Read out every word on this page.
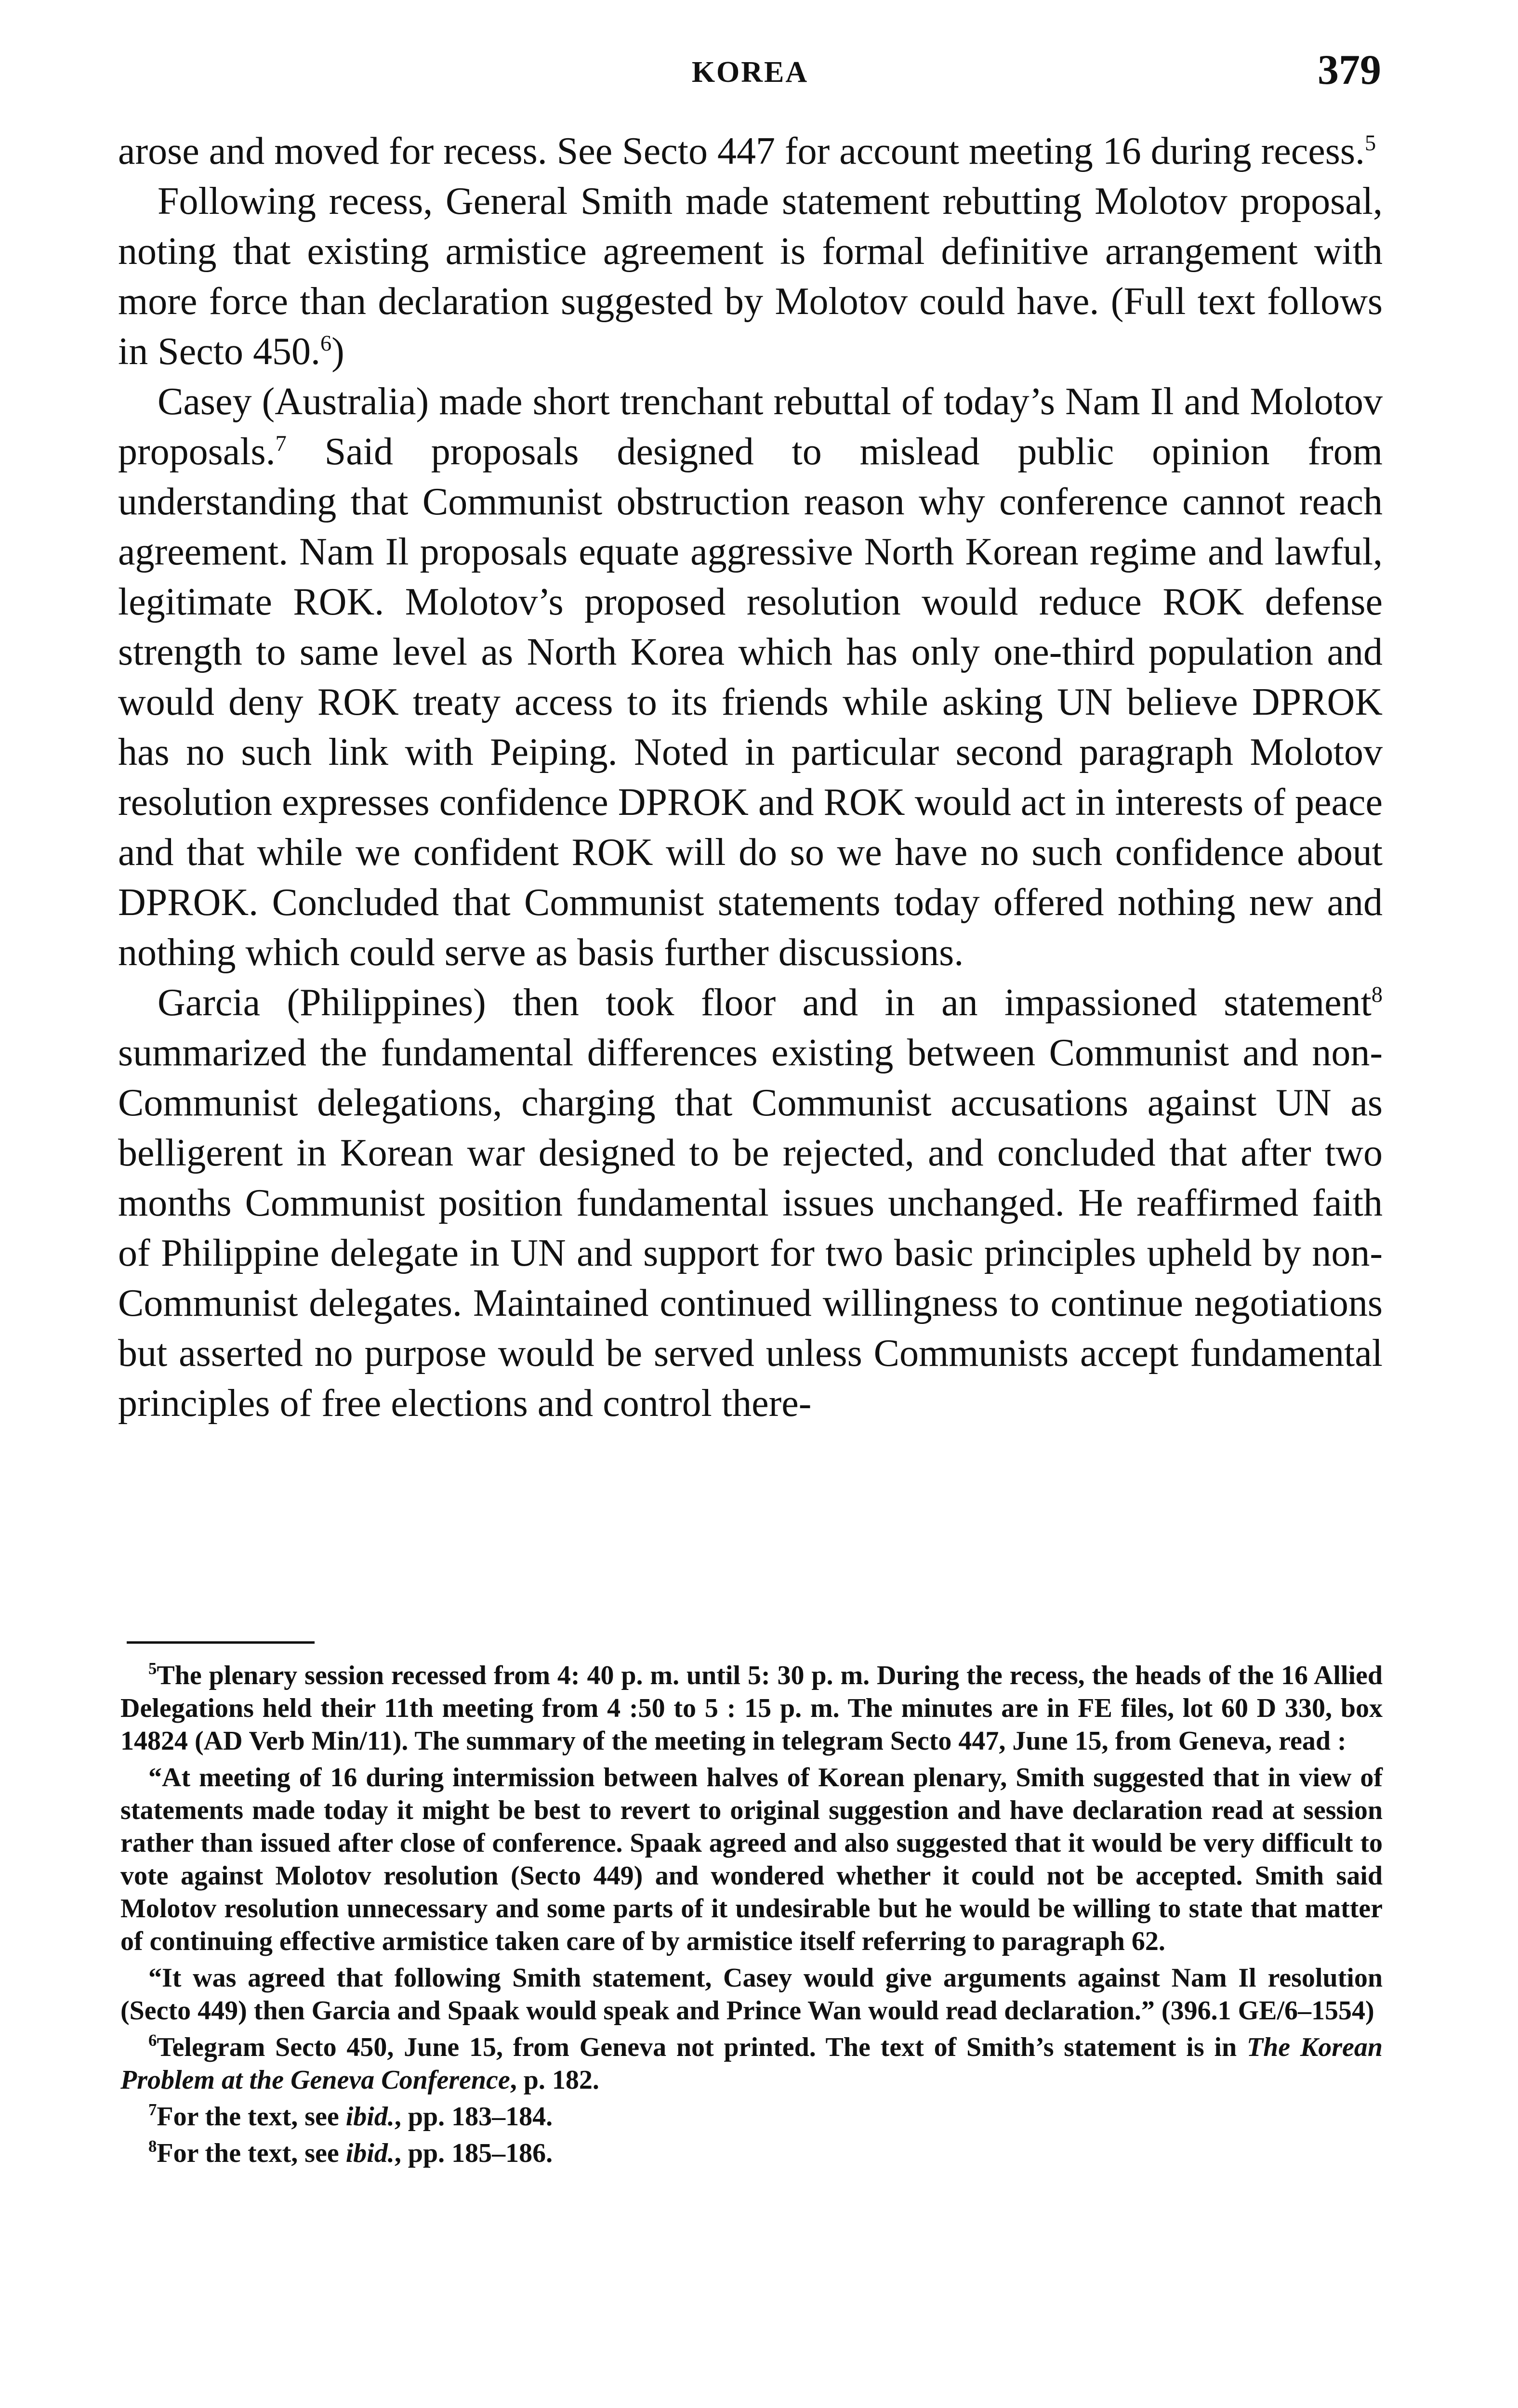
KOREA	379

arose and moved for recess. See Secto 447 for account meeting 16 during recess.$^5$

Following recess, General Smith made statement rebutting Molotov proposal, noting that existing armistice agreement is formal definitive arrangement with more force than declaration suggested by Molotov could have. (Full text follows in Secto 450.$^6$)

Casey (Australia) made short trenchant rebuttal of today’s Nam Il and Molotov proposals.$^7$ Said proposals designed to mislead public opinion from understanding that Communist obstruction reason why conference cannot reach agreement. Nam Il proposals equate aggressive North Korean regime and lawful, legitimate ROK. Molotov’s proposed resolution would reduce ROK defense strength to same level as North Korea which has only one-third population and would deny ROK treaty access to its friends while asking UN believe DPROK has no such link with Peiping. Noted in particular second paragraph Molotov resolution expresses confidence DPROK and ROK would act in interests of peace and that while we confident ROK will do so we have no such confidence about DPROK. Concluded that Communist statements today offered nothing new and nothing which could serve as basis further discussions.

Garcia (Philippines) then took floor and in an impassioned statement$^8$ summarized the fundamental differences existing between Communist and non-Communist delegations, charging that Communist accusations against UN as belligerent in Korean war designed to be rejected, and concluded that after two months Communist position fundamental issues unchanged. He reaffirmed faith of Philippine delegate in UN and support for two basic principles upheld by non-Communist delegates. Maintained continued willingness to continue negotiations but asserted no purpose would be served unless Communists accept fundamental principles of free elections and control there-

$^5$The plenary session recessed from 4: 40 p. m. until 5: 30 p. m. During the recess, the heads of the 16 Allied Delegations held their 11th meeting from 4 :50 to 5 : 15 p. m. The minutes are in FE files, lot 60 D 330, box 14824 (AD Verb Min/11). The summary of the meeting in telegram Secto 447, June 15, from Geneva, read :

“At meeting of 16 during intermission between halves of Korean plenary, Smith suggested that in view of statements made today it might be best to revert to original suggestion and have declaration read at session rather than issued after close of conference. Spaak agreed and also suggested that it would be very difficult to vote against Molotov resolution (Secto 449) and wondered whether it could not be accepted. Smith said Molotov resolution unnecessary and some parts of it undesirable but he would be willing to state that matter of continuing effective armistice taken care of by armistice itself referring to paragraph 62.

“It was agreed that following Smith statement, Casey would give arguments against Nam Il resolution (Secto 449) then Garcia and Spaak would speak and Prince Wan would read declaration.” (396.1 GE/6–1554)

$^6$Telegram Secto 450, June 15, from Geneva not printed. The text of Smith’s statement is in The Korean Problem at the Geneva Conference, p. 182.

$^7$For the text, see ibid., pp. 183–184.

$^8$For the text, see ibid., pp. 185–186.
